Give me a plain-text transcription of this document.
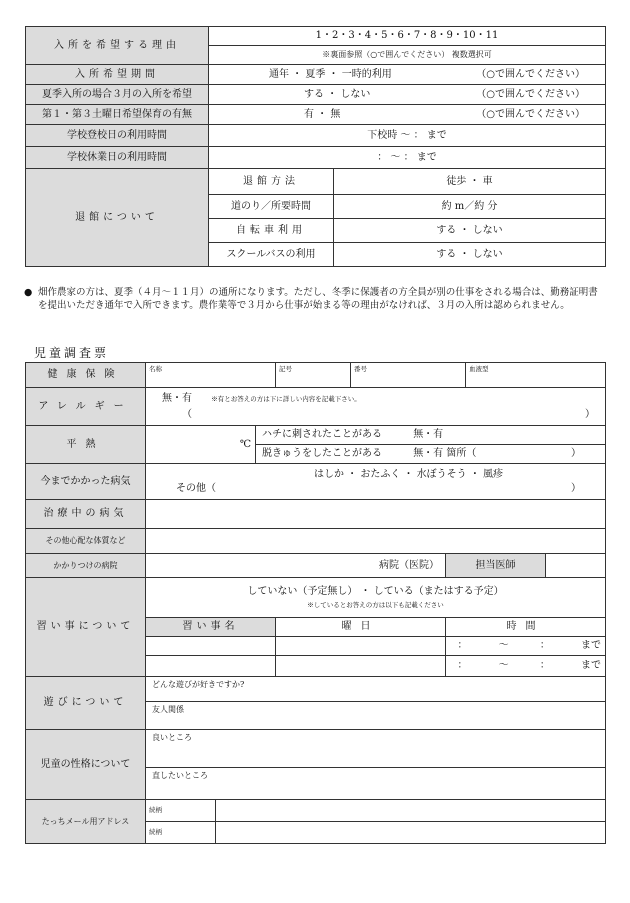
入所を希望する理由	1・2・3・4・5・6・7・8・9・10・11	
	※裏面参照（○で囲んでください） 複数選択可	
入所希望期間	通年 ・ 夏季 ・ 一時的利用 （○で囲んでください）	

夏季入所の場合３月の入所を希望	する ・ しない （○で囲んでください）	

第１・第３土曜日希望保育の有無	有 ・ 無 （○で囲んでください）	

学校登校日の利用時間	下校時 〜 ： まで	
学校休業日の利用時間	： 〜 ： まで	
退館について	退館方法	徒歩 ・ 車
	道のり／所要時間	約 m／約 分
	自転車利用	する ・ しない
	スクールバスの利用	する ・ しない
● 畑作農家の方は、夏季（４月〜１１月）の通所になります。ただし、冬季に保護者の方全員が別の仕事をされる場合は、勤務証明書を提出いただき通年で入所できます。農作業等で３月から仕事が始まる等の理由がなければ、３月の入所は認められません。
児童調査票
健康保険	名称			記号	番号		血液型	
アレルギー	無・有 ※有とお答えの方は下に詳しい内容を記載下さい。
（ ）							

平熱	℃		ハチに刺されたことがある 無・有					

			脱きゅうをしたことがある 無・有 箇所（ ）					

今までかかった病気	はしか ・ おたふく ・ 水ぼうそう ・ 風疹
その他（ ）							

治療中の病気								
その他心配な体質など								
かかりつけの病院	病院（医院）					担当医師		
習い事について	していない（予定無し） ・ している（またはする予定）
※しているとお答えの方は以下も記載ください							

	習い事名			曜日		時間		
						： 〜 ： まで		
						： 〜 ： まで		
遊びについて	どんな遊びが好きですか?							
	友人関係							
児童の性格について	良いところ							
	直したいところ							
たっちメール用アドレス	続柄							
	続柄							
